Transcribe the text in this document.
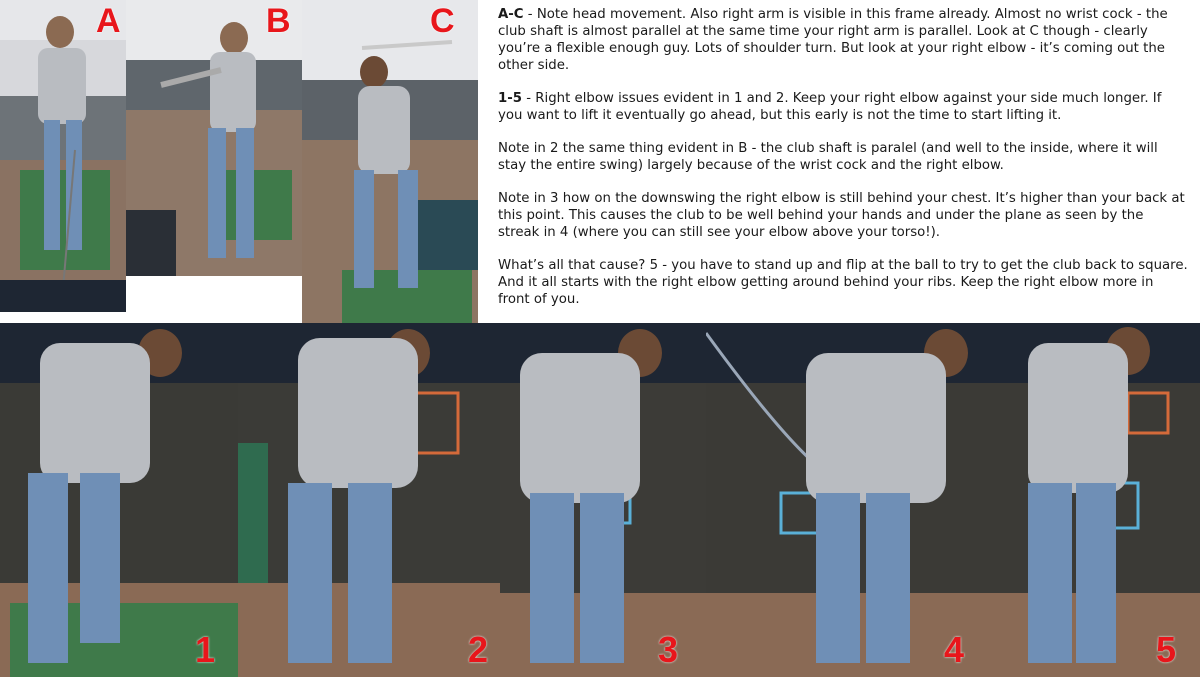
A	B	C	A-C - Note head movement. Also right arm is visible in this frame already. Almost no wrist cock - the club shaft is almost parallel at the same time your right arm is parallel. Look at C though - clearly you’re a flexible enough guy. Lots of shoulder turn. But look at your right elbow - it’s coming out the other side.

1-5 - Right elbow issues evident in 1 and 2. Keep your right elbow against your side much longer. If you want to lift it eventually go ahead, but this early is not the time to start lifting it.

Note in 2 the same thing evident in B - the club shaft is paralel (and well to the inside, where it will stay the entire swing) largely because of the wrist cock and the right elbow.

Note in 3 how on the downswing the right elbow is still behind your chest. It’s higher than your back at this point. This causes the club to be well behind your hands and under the plane as seen by the streak in 4 (where you can still see your elbow above your torso!).

What’s all that cause? 5 - you have to stand up and flip at the ball to try to get the club back to square. And it all starts with the right elbow getting around behind your ribs. Keep the right elbow more in front of you.

1	2	3	4	5
